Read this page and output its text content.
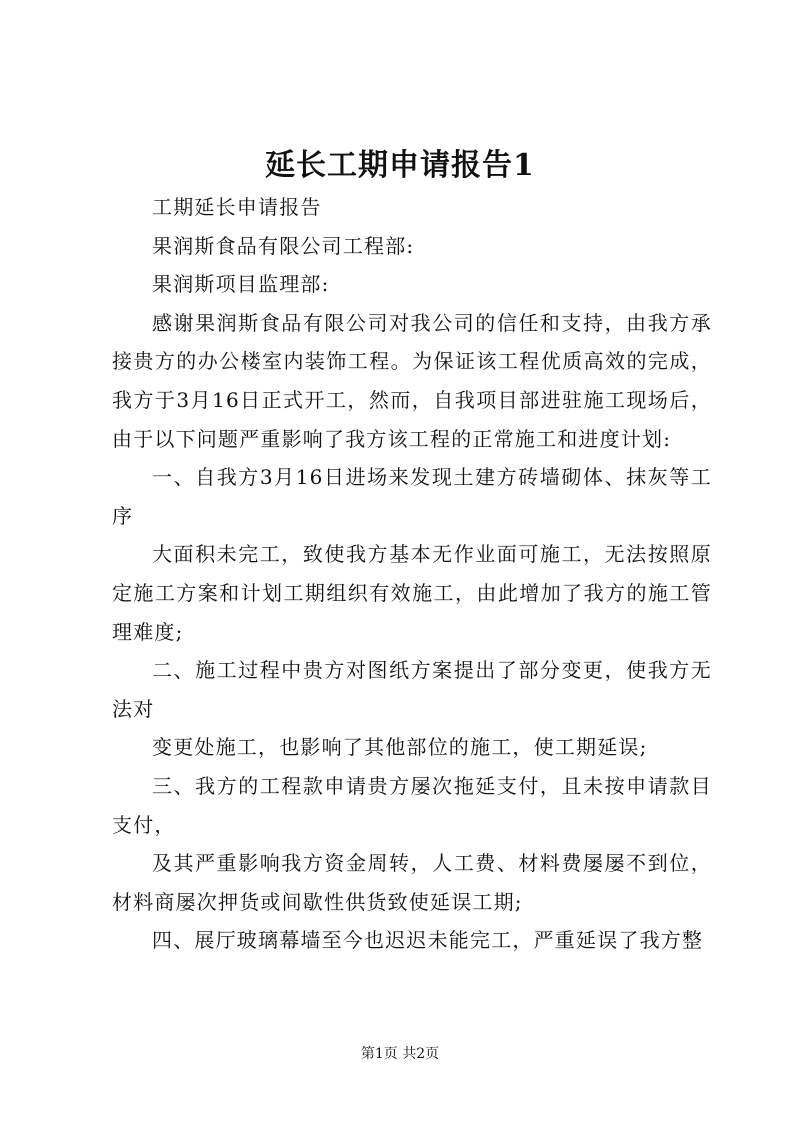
延长工期申请报告1

工期延长申请报告

果润斯食品有限公司工程部:

果润斯项目监理部:

感谢果润斯食品有限公司对我公司的信任和支持，由我方承接贵方的办公楼室内装饰工程。为保证该工程优质高效的完成，我方于3月16日正式开工，然而，自我项目部进驻施工现场后，由于以下问题严重影响了我方该工程的正常施工和进度计划:

一、自我方3月16日进场来发现土建方砖墙砌体、抹灰等工序

大面积未完工，致使我方基本无作业面可施工，无法按照原定施工方案和计划工期组织有效施工，由此增加了我方的施工管理难度;

二、施工过程中贵方对图纸方案提出了部分变更，使我方无法对

变更处施工，也影响了其他部位的施工，使工期延误;

三、我方的工程款申请贵方屡次拖延支付，且未按申请款目支付，

及其严重影响我方资金周转，人工费、材料费屡屡不到位，材料商屡次押货或间歇性供货致使延误工期;

四、展厅玻璃幕墙至今也迟迟未能完工，严重延误了我方整

第1页 共2页
